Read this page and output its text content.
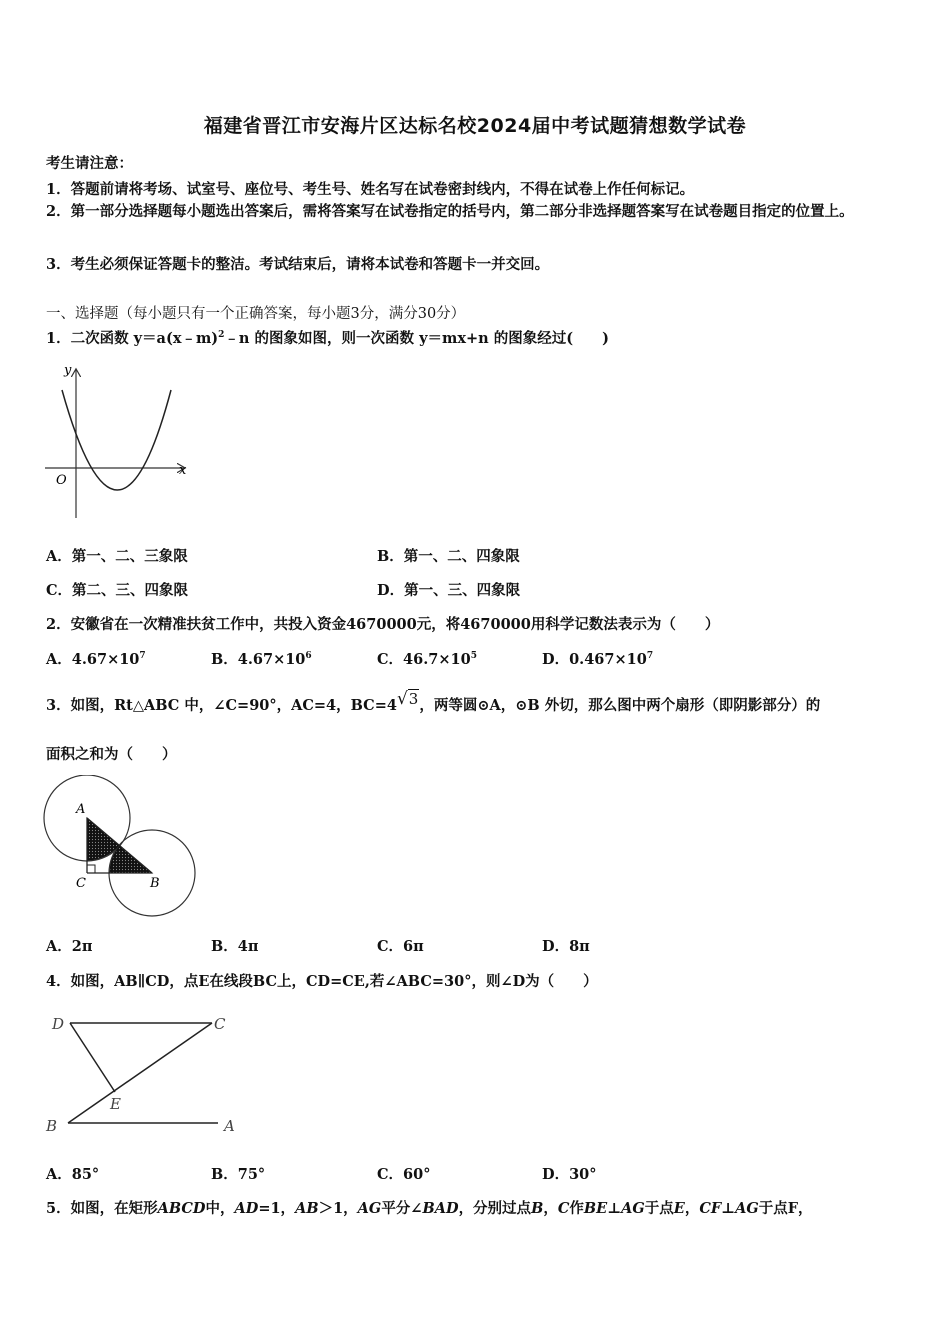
福建省晋江市安海片区达标名校2024届中考试题猜想数学试卷
考生请注意：
1．答题前请将考场、试室号、座位号、考生号、姓名写在试卷密封线内，不得在试卷上作任何标记。
2．第一部分选择题每小题选出答案后，需将答案写在试卷指定的括号内，第二部分非选择题答案写在试卷题目指定的位置上。
3．考生必须保证答题卡的整洁。考试结束后，请将本试卷和答题卡一并交回。
一、选择题（每小题只有一个正确答案，每小题3分，满分30分）
1．二次函数 y＝a(x﹣m)$^2$﹣n 的图象如图，则一次函数 y＝mx+n 的图象经过(　　)
y
x
O
A．第一、二、三象限	B．第一、二、四象限
C．第二、三、四象限	D．第一、三、四象限
2．安徽省在一次精准扶贫工作中，共投入资金4670000元，将4670000用科学记数法表示为（　　）
A．$4.67\times 10^7$	B．$4.67\times 10^6$	C．$46.7\times 10^5$	D．$0.467\times 10^7$
3．如图，Rt△ABC 中，∠C=90°，AC=4，BC=4√3，两等圆⊙A，⊙B 外切，那么图中两个扇形（即阴影部分）的
面积之和为（　　）
A
C	B
A．2π	B．4π	C．6π	D．8π
4．如图，AB∥CD，点E在线段BC上，CD=CE,若∠ABC=30°，则∠D为（　　）
D	C
E
B	A
A．85°	B．75°	C．60°	D．30°
5．如图，在矩形ABCD中，AD=1，AB＞1，AG平分∠BAD，分别过点B，C作BE⊥AG于点E，CF⊥AG于点F，
